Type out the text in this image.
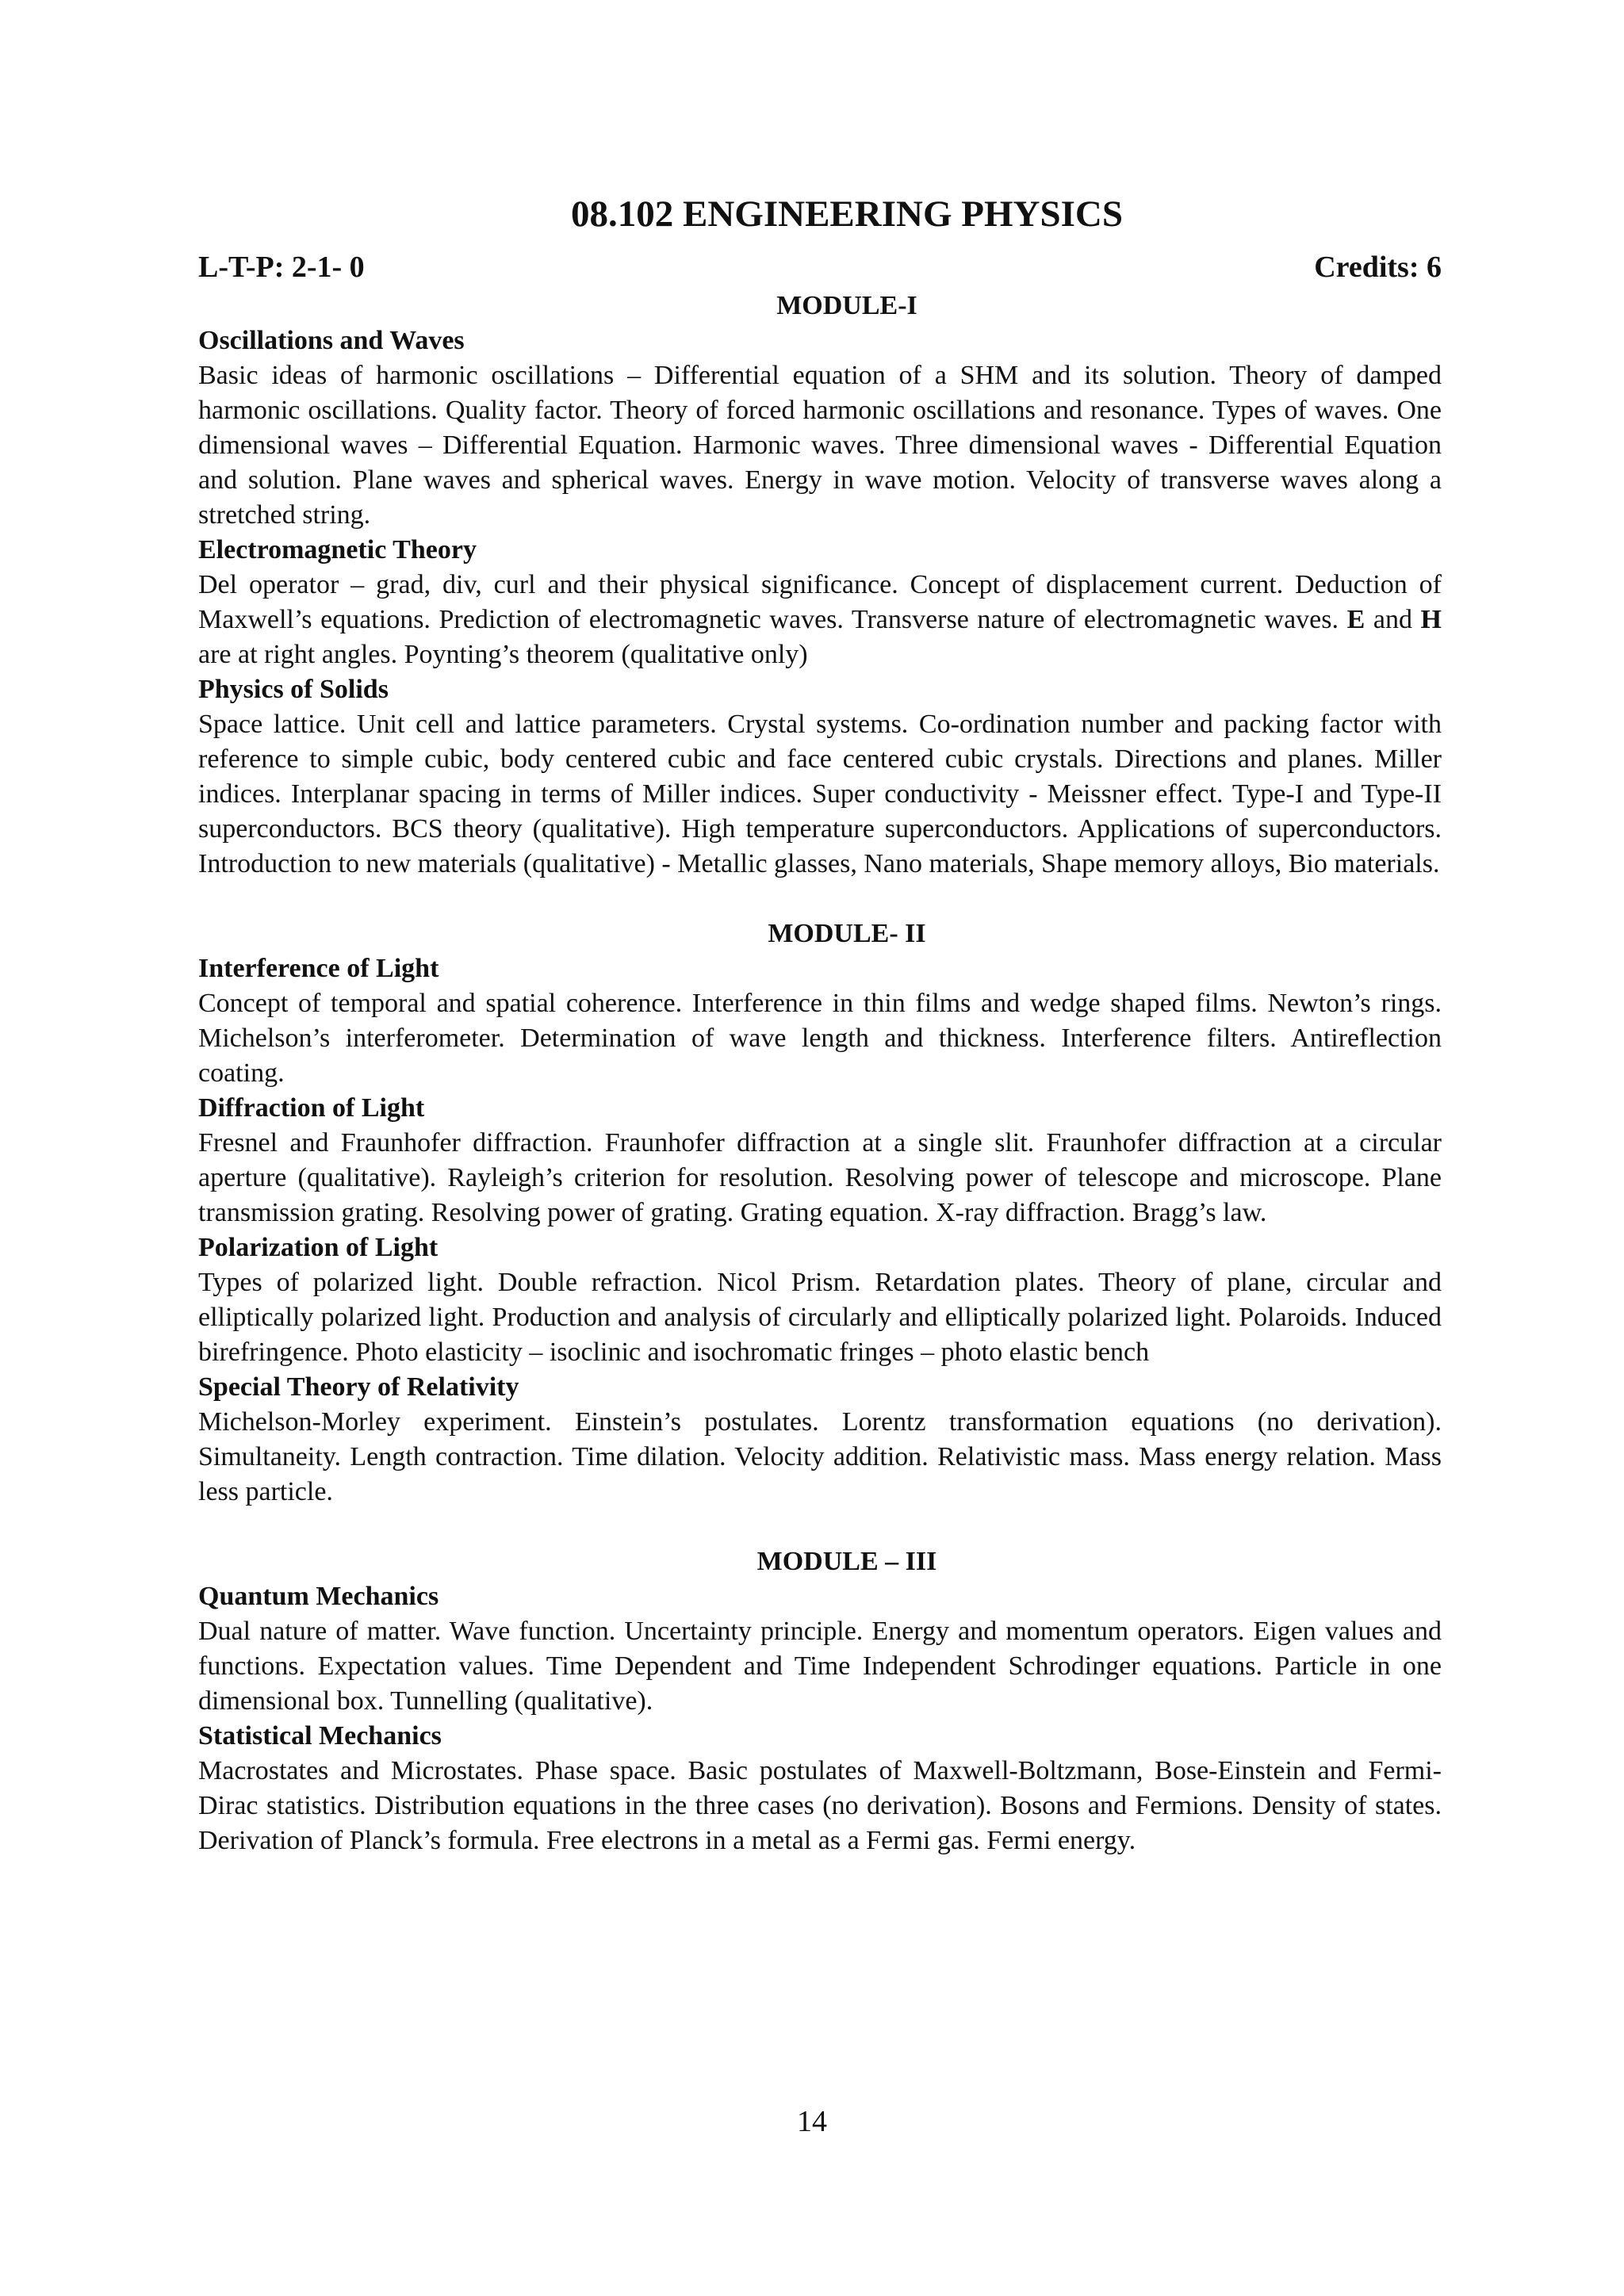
08.102 ENGINEERING PHYSICS
L-T-P: 2-1- 0	Credits: 6
MODULE-I
Oscillations and Waves
Basic ideas of harmonic oscillations – Differential equation of a SHM and its solution. Theory of damped harmonic oscillations. Quality factor. Theory of forced harmonic oscillations and resonance. Types of waves. One dimensional waves – Differential Equation. Harmonic waves. Three dimensional waves - Differential Equation and solution. Plane waves and spherical waves. Energy in wave motion. Velocity of transverse waves along a stretched string.
Electromagnetic Theory
Del operator – grad, div, curl and their physical significance. Concept of displacement current. Deduction of Maxwell’s equations. Prediction of electromagnetic waves. Transverse nature of electromagnetic waves. E and H are at right angles. Poynting’s theorem (qualitative only)
Physics of Solids
Space lattice. Unit cell and lattice parameters. Crystal systems. Co-ordination number and packing factor with reference to simple cubic, body centered cubic and face centered cubic crystals. Directions and planes. Miller indices. Interplanar spacing in terms of Miller indices. Super conductivity - Meissner effect. Type-I and Type-II superconductors. BCS theory (qualitative). High temperature superconductors. Applications of superconductors. Introduction to new materials (qualitative) - Metallic glasses, Nano materials, Shape memory alloys, Bio materials.
MODULE- II
Interference of Light
Concept of temporal and spatial coherence. Interference in thin films and wedge shaped films. Newton’s rings. Michelson’s interferometer. Determination of wave length and thickness. Interference filters. Antireflection coating.
Diffraction of Light
Fresnel and Fraunhofer diffraction. Fraunhofer diffraction at a single slit. Fraunhofer diffraction at a circular aperture (qualitative). Rayleigh’s criterion for resolution. Resolving power of telescope and microscope. Plane transmission grating. Resolving power of grating. Grating equation. X-ray diffraction. Bragg’s law.
Polarization of Light
Types of polarized light. Double refraction. Nicol Prism. Retardation plates. Theory of plane, circular and elliptically polarized light. Production and analysis of circularly and elliptically polarized light. Polaroids. Induced birefringence. Photo elasticity – isoclinic and isochromatic fringes – photo elastic bench
Special Theory of Relativity
Michelson-Morley experiment. Einstein’s postulates. Lorentz transformation equations (no derivation). Simultaneity. Length contraction. Time dilation. Velocity addition. Relativistic mass. Mass energy relation. Mass less particle.
MODULE – III
Quantum Mechanics
Dual nature of matter. Wave function. Uncertainty principle. Energy and momentum operators. Eigen values and functions. Expectation values. Time Dependent and Time Independent Schrodinger equations. Particle in one dimensional box. Tunnelling (qualitative).
Statistical Mechanics
Macrostates and Microstates. Phase space. Basic postulates of Maxwell-Boltzmann, Bose-Einstein and Fermi-Dirac statistics. Distribution equations in the three cases (no derivation). Bosons and Fermions. Density of states. Derivation of Planck’s formula. Free electrons in a metal as a Fermi gas. Fermi energy.
14
